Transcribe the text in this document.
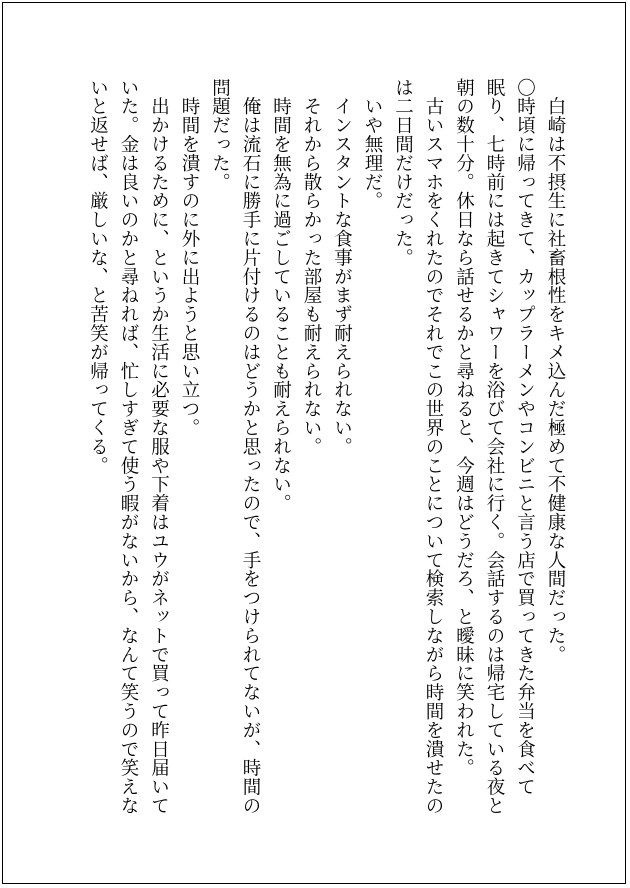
　白崎は不摂生に社畜根性をキメ込んだ極めて不健康な人間だった。
〇時頃に帰ってきて、カップラーメンやコンビニと言う店で買ってきた弁当を食べて
眠り、七時前には起きてシャワーを浴びて会社に行く。会話するのは帰宅している夜と
朝の数十分。休日なら話せるかと尋ねると、今週はどうだろ、と曖昧に笑われた。
　古いスマホをくれたのでそれでこの世界のことについて検索しながら時間を潰せたの
は二日間だけだった。
　いや無理だ。
　インスタントな食事がまず耐えられない。
　それから散らかった部屋も耐えられない。
　時間を無為に過ごしていることも耐えられない。
　俺は流石に勝手に片付けるのはどうかと思ったので、手をつけられてないが、時間の
問題だった。
　時間を潰すのに外に出ようと思い立つ。
　出かけるために、というか生活に必要な服や下着はユウがネットで買って昨日届いて
いた。金は良いのかと尋ねれば、忙しすぎて使う暇がないから、なんて笑うので笑えな
いと返せば、厳しいな、と苦笑が帰ってくる。
